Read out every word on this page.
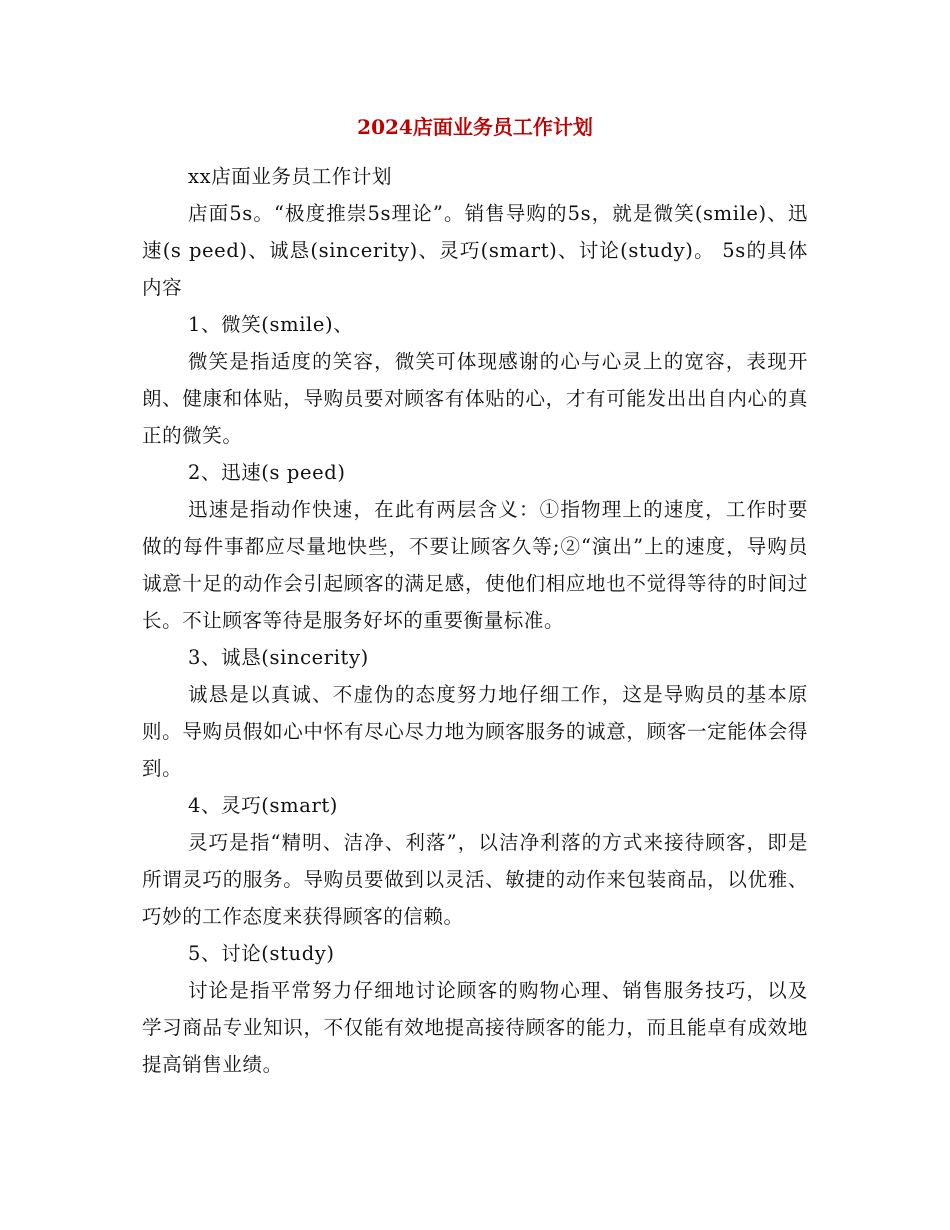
2024店面业务员工作计划

xx店面业务员工作计划

店面5s。“极度推崇5s理论”。销售导购的5s，就是微笑(smile)、迅速(s peed)、诚恳(sincerity)、灵巧(smart)、讨论(study)。 5s的具体内容

1、微笑(smile)、

微笑是指适度的笑容，微笑可体现感谢的心与心灵上的宽容，表现开朗、健康和体贴，导购员要对顾客有体贴的心，才有可能发出出自内心的真正的微笑。

2、迅速(s peed)

迅速是指动作快速，在此有两层含义：①指物理上的速度，工作时要做的每件事都应尽量地快些，不要让顾客久等;②“演出”上的速度，导购员诚意十足的动作会引起顾客的满足感，使他们相应地也不觉得等待的时间过长。不让顾客等待是服务好坏的重要衡量标准。

3、诚恳(sincerity)

诚恳是以真诚、不虚伪的态度努力地仔细工作，这是导购员的基本原则。导购员假如心中怀有尽心尽力地为顾客服务的诚意，顾客一定能体会得到。

4、灵巧(smart)

灵巧是指“精明、洁净、利落”，以洁净利落的方式来接待顾客，即是所谓灵巧的服务。导购员要做到以灵活、敏捷的动作来包装商品，以优雅、巧妙的工作态度来获得顾客的信赖。

5、讨论(study)

讨论是指平常努力仔细地讨论顾客的购物心理、销售服务技巧，以及学习商品专业知识，不仅能有效地提高接待顾客的能力，而且能卓有成效地提高销售业绩。
